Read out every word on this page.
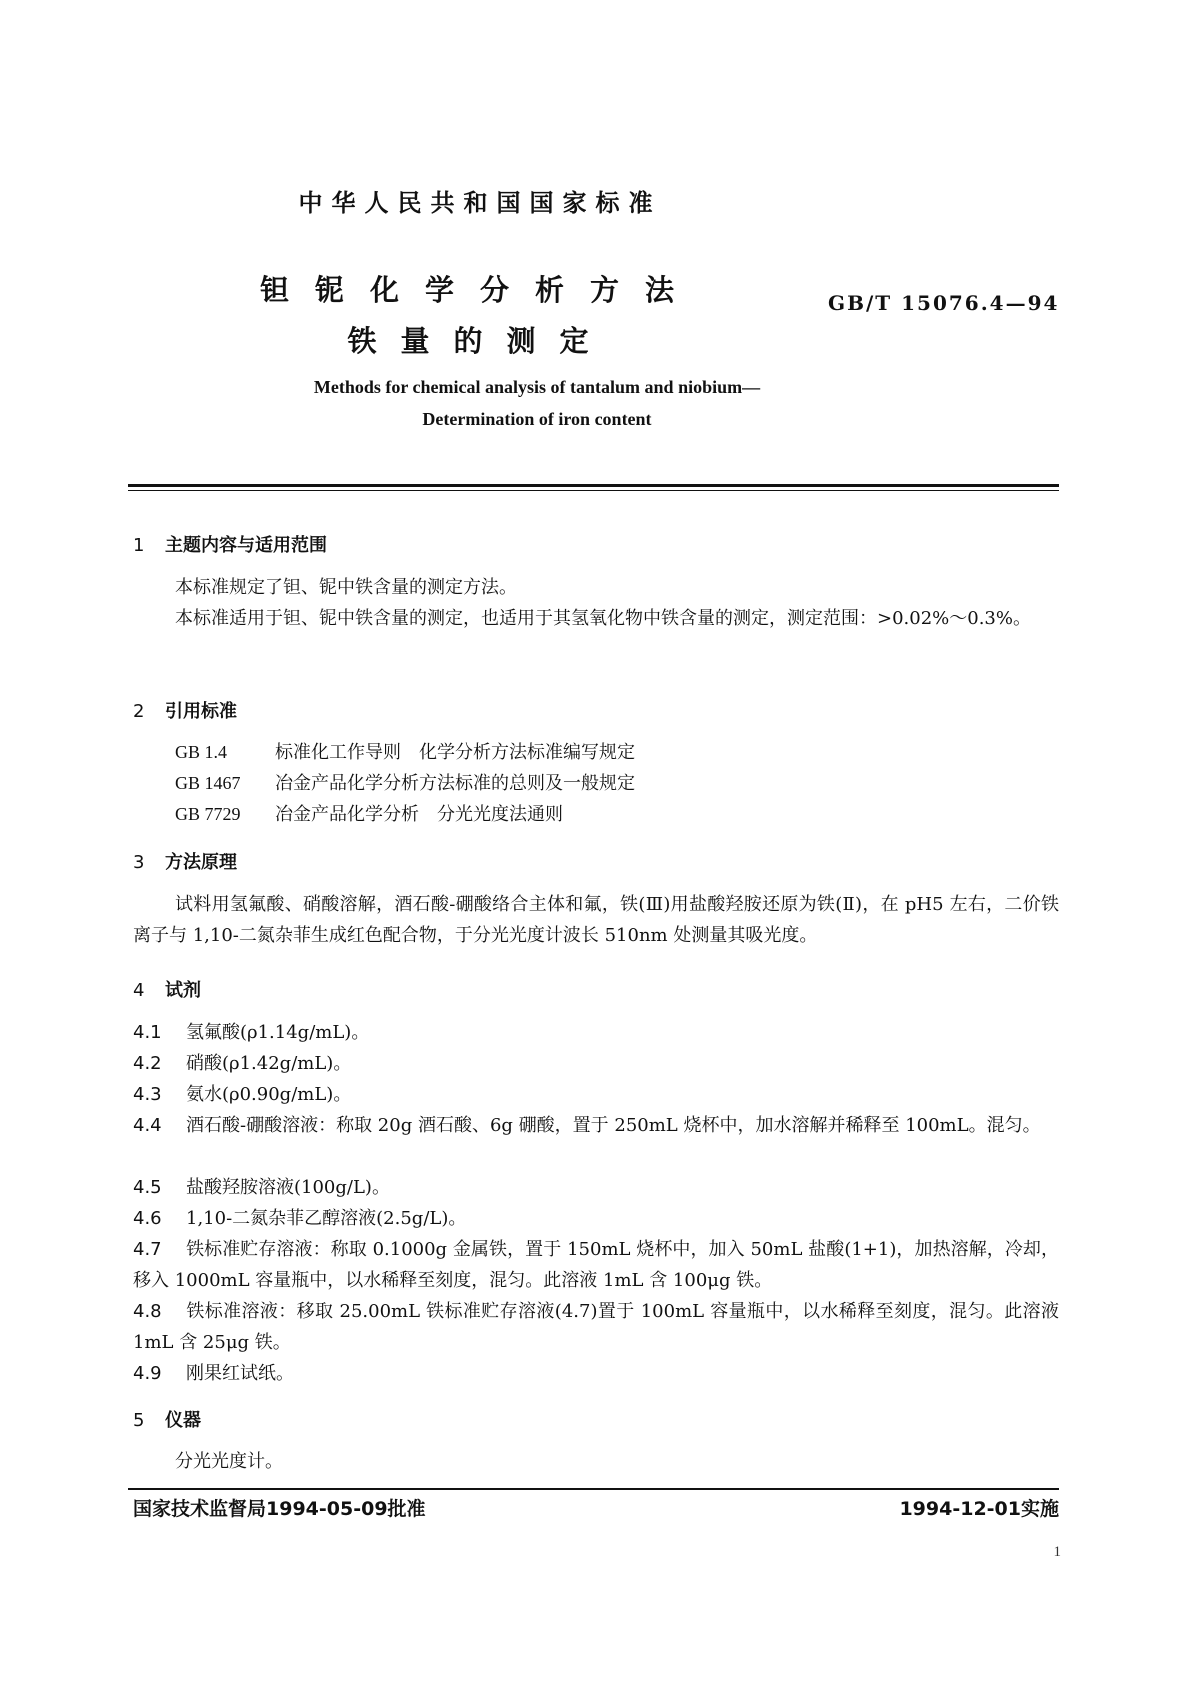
中华人民共和国国家标准
钽铌化学分析方法
铁量的测定
GB/T 15076.4—94
Methods for chemical analysis of tantalum and niobium—
Determination of iron content
1 主题内容与适用范围
本标准规定了钽、铌中铁含量的测定方法。
本标准适用于钽、铌中铁含量的测定，也适用于其氢氧化物中铁含量的测定，测定范围：>0.02%～0.3%。
2 引用标准
GB 1.4	标准化工作导则　化学分析方法标准编写规定
GB 1467 冶金产品化学分析方法标准的总则及一般规定
GB 7729 冶金产品化学分析　分光光度法通则
3 方法原理
试料用氢氟酸、硝酸溶解，酒石酸-硼酸络合主体和氟，铁(Ⅲ)用盐酸羟胺还原为铁(Ⅱ)，在 pH5 左右，二价铁离子与 1,10-二氮杂菲生成红色配合物，于分光光度计波长 510nm 处测量其吸光度。
4 试剂
4.1 氢氟酸(ρ1.14g/mL)。
4.2 硝酸(ρ1.42g/mL)。
4.3 氨水(ρ0.90g/mL)。
4.4 酒石酸-硼酸溶液：称取 20g 酒石酸、6g 硼酸，置于 250mL 烧杯中，加水溶解并稀释至 100mL。混匀。
4.5 盐酸羟胺溶液(100g/L)。
4.6 1,10-二氮杂菲乙醇溶液(2.5g/L)。
4.7 铁标准贮存溶液：称取 0.1000g 金属铁，置于 150mL 烧杯中，加入 50mL 盐酸(1+1)，加热溶解，冷却，移入 1000mL 容量瓶中，以水稀释至刻度，混匀。此溶液 1mL 含 100μg 铁。
4.8 铁标准溶液：移取 25.00mL 铁标准贮存溶液(4.7)置于 100mL 容量瓶中，以水稀释至刻度，混匀。此溶液 1mL 含 25μg 铁。
4.9 刚果红试纸。
5 仪器
分光光度计。
国家技术监督局1994-05-09批准	1994-12-01实施
1
